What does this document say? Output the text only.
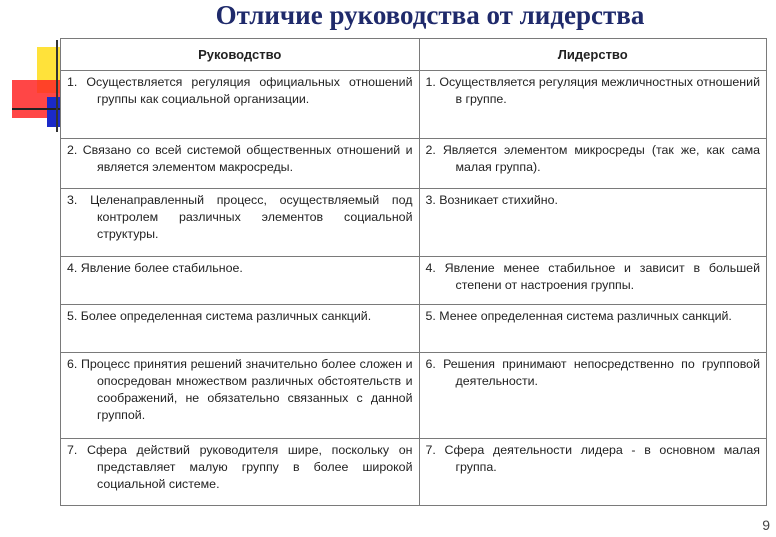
Отличие руководства от лидерства
Руководство	Лидерство

1. Осуществляется регуляция официальных отношений группы как социальной организации.	1. Осуществляется регуляция межличностных отношений в группе.

2. Связано со всей системой общественных отношений и является элементом макросреды.	2. Является элементом микросреды (так же, как сама малая группа).

3. Целенаправленный процесс, осуществляемый под контролем различных элементов социальной структуры.	3. Возникает стихийно.

4. Явление более стабильное.	4. Явление менее стабильное и зависит в большей степени от настроения группы.

5. Более определенная система различных санкций.	5. Менее определенная система различных санкций.

6. Процесс принятия решений значительно более сложен и опосредован множеством различных обстоятельств и соображений, не обязательно связанных с данной группой.	6. Решения принимают непосредственно по групповой деятельности.

7. Сфера действий руководителя шире, поскольку он представляет малую группу в более широкой социальной системе.	7. Сфера деятельности лидера - в основном малая группа.
9
